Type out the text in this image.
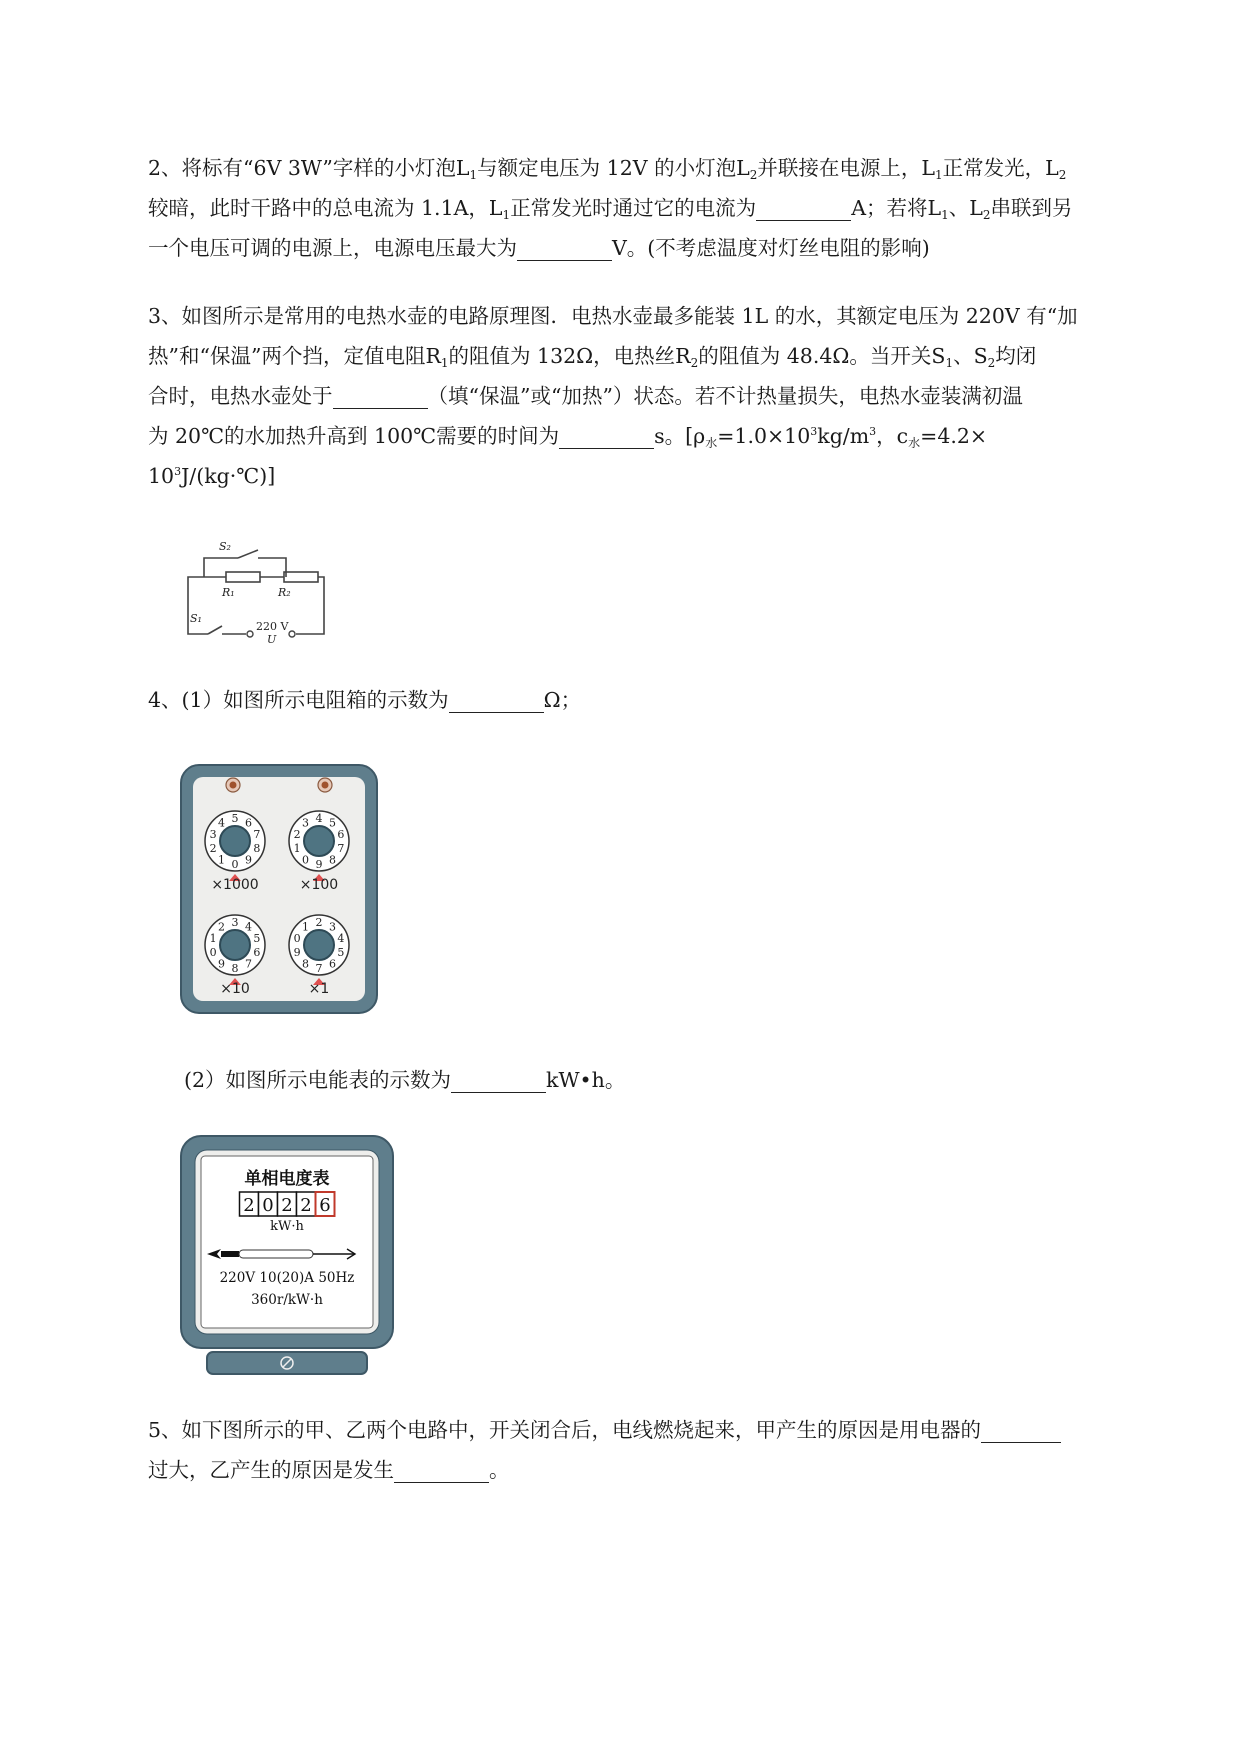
2、将标有“6V 3W”字样的小灯泡$L_1$与额定电压为 12V 的小灯泡$L_2$并联接在电源上，$L_1$正常发光，$L_2$
较暗，此时干路中的总电流为 1.1A，$L_1$正常发光时通过它的电流为	A；若将$L_1$、$L_2$串联到另
一个电压可调的电源上，电源电压最大为	V。(不考虑温度对灯丝电阻的影响)
3、如图所示是常用的电热水壶的电路原理图．电热水壶最多能装 1L 的水，其额定电压为 220V 有“加
热”和“保温”两个挡，定值电阻$R_1$的阻值为 132Ω，电热丝$R_2$的阻值为 48.4Ω。当开关$S_1$、$S_2$均闭
合时，电热水壶处于	（填“保温”或“加热”）状态。若不计热量损失，电热水壶装满初温
为 20℃的水加热升高到 100℃需要的时间为	s。[$\rho_水=1.0\times 10^3kg/m^3$，$c_水=4.2\times$
$10^3J/(kg\cdot℃)$]
S₂
R₁	R₂
S₁
220 V
U
4、(1）如图所示电阻箱的示数为	Ω；
0
1
2
3
4 5 6
7
8
9	0
1
2
3 4 5
6
7
8
9
0
1
2 3 4
5
6
7
8
9
0
1 2 3
4
5
6
7
8
9
×1000	×100
×10	×1
(2）如图所示电能表的示数为	kW•h。
单相电度表
2 0 2 2 6
kW·h
220V 10(20)A 50Hz
360r/kW·h
5、如下图所示的甲、乙两个电路中，开关闭合后，电线燃烧起来，甲产生的原因是用电器的
过大，乙产生的原因是发生	。
